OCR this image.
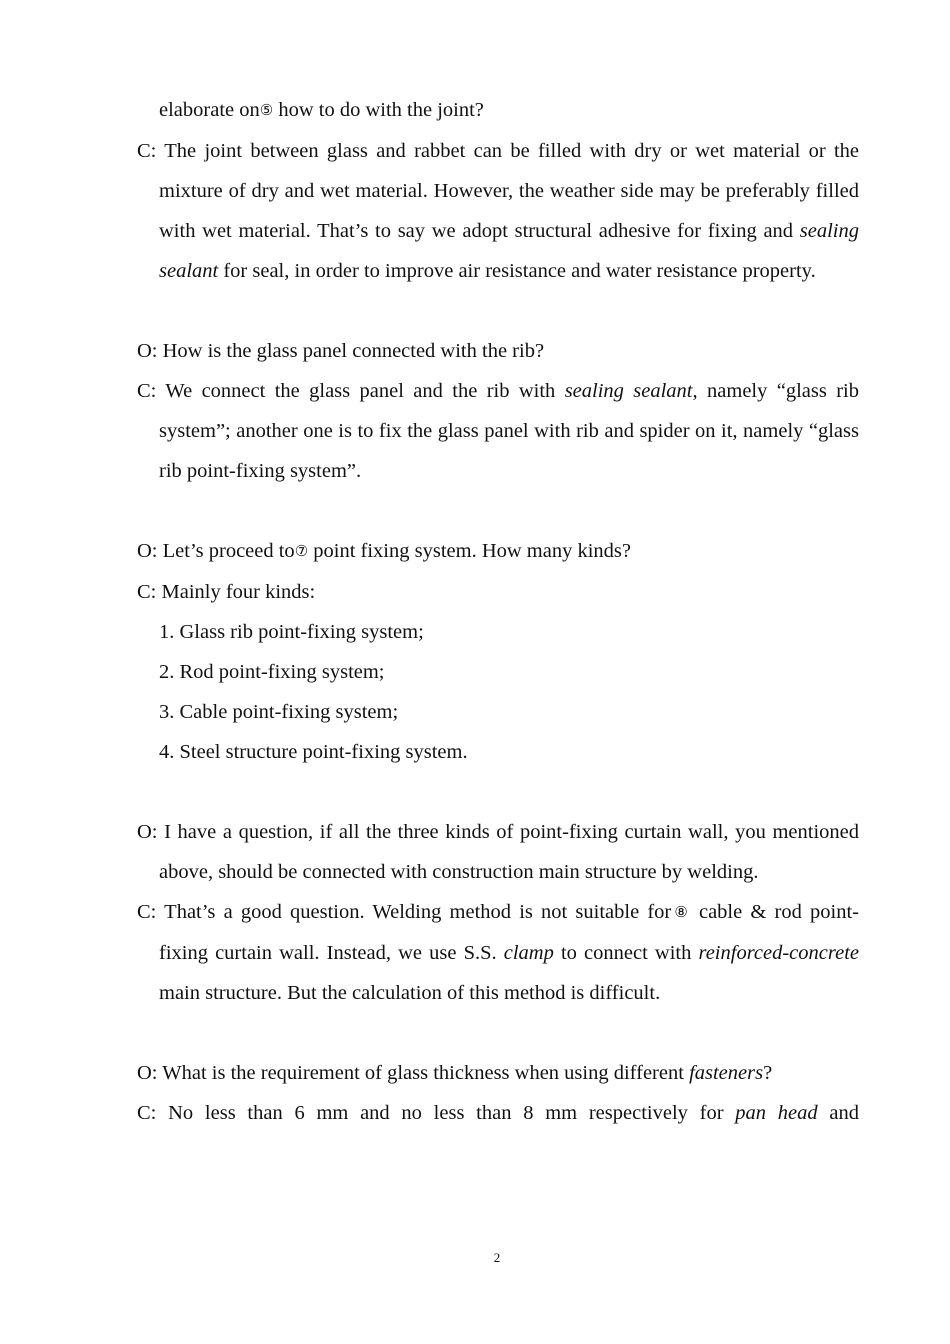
elaborate on⑤ how to do with the joint?
C: The joint between glass and rabbet can be filled with dry or wet material or the mixture of dry and wet material. However, the weather side may be preferably filled with wet material. That’s to say we adopt structural adhesive for fixing and sealing sealant for seal, in order to improve air resistance and water resistance property.
O: How is the glass panel connected with the rib?
C: We connect the glass panel and the rib with sealing sealant, namely “glass rib system”; another one is to fix the glass panel with rib and spider on it, namely “glass rib point-fixing system”.
O: Let’s proceed to⑦ point fixing system. How many kinds?
C: Mainly four kinds:
1. Glass rib point-fixing system;
2. Rod point-fixing system;
3. Cable point-fixing system;
4. Steel structure point-fixing system.
O: I have a question, if all the three kinds of point-fixing curtain wall, you mentioned above, should be connected with construction main structure by welding.
C: That’s a good question. Welding method is not suitable for⑧ cable & rod point-fixing curtain wall. Instead, we use S.S. clamp to connect with reinforced-concrete main structure. But the calculation of this method is difficult.
O: What is the requirement of glass thickness when using different fasteners?
C: No less than 6 mm and no less than 8 mm respectively for pan head and
2
